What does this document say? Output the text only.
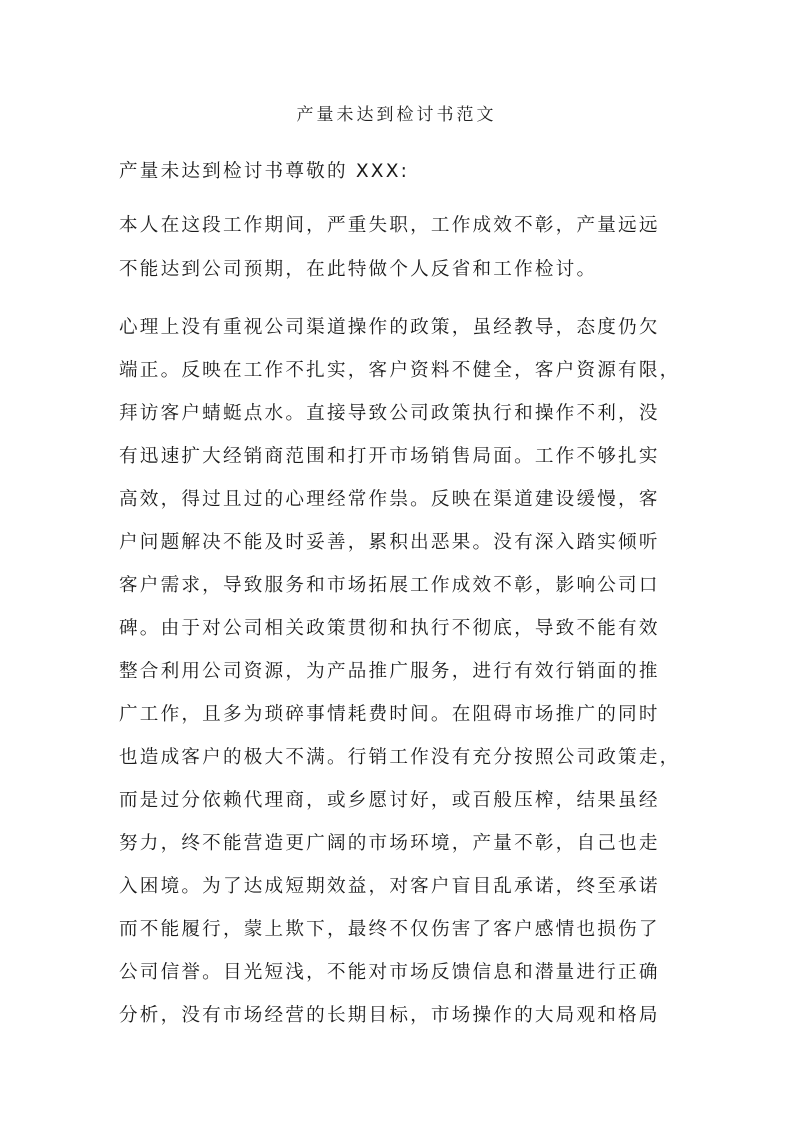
产量未达到检讨书范文
产量未达到检讨书尊敬的 XXX:
本人在这段工作期间，严重失职，工作成效不彰，产量远远
不能达到公司预期，在此特做个人反省和工作检讨。
心理上没有重视公司渠道操作的政策，虽经教导，态度仍欠
端正。反映在工作不扎实，客户资料不健全，客户资源有限，
拜访客户蜻蜓点水。直接导致公司政策执行和操作不利，没
有迅速扩大经销商范围和打开市场销售局面。工作不够扎实
高效，得过且过的心理经常作祟。反映在渠道建设缓慢，客
户问题解决不能及时妥善，累积出恶果。没有深入踏实倾听
客户需求，导致服务和市场拓展工作成效不彰，影响公司口
碑。由于对公司相关政策贯彻和执行不彻底，导致不能有效
整合利用公司资源，为产品推广服务，进行有效行销面的推
广工作，且多为琐碎事情耗费时间。在阻碍市场推广的同时
也造成客户的极大不满。行销工作没有充分按照公司政策走，
而是过分依赖代理商，或乡愿讨好，或百般压榨，结果虽经
努力，终不能营造更广阔的市场环境，产量不彰，自己也走
入困境。为了达成短期效益，对客户盲目乱承诺，终至承诺
而不能履行，蒙上欺下，最终不仅伤害了客户感情也损伤了
公司信誉。目光短浅，不能对市场反馈信息和潜量进行正确
分析，没有市场经营的长期目标，市场操作的大局观和格局
